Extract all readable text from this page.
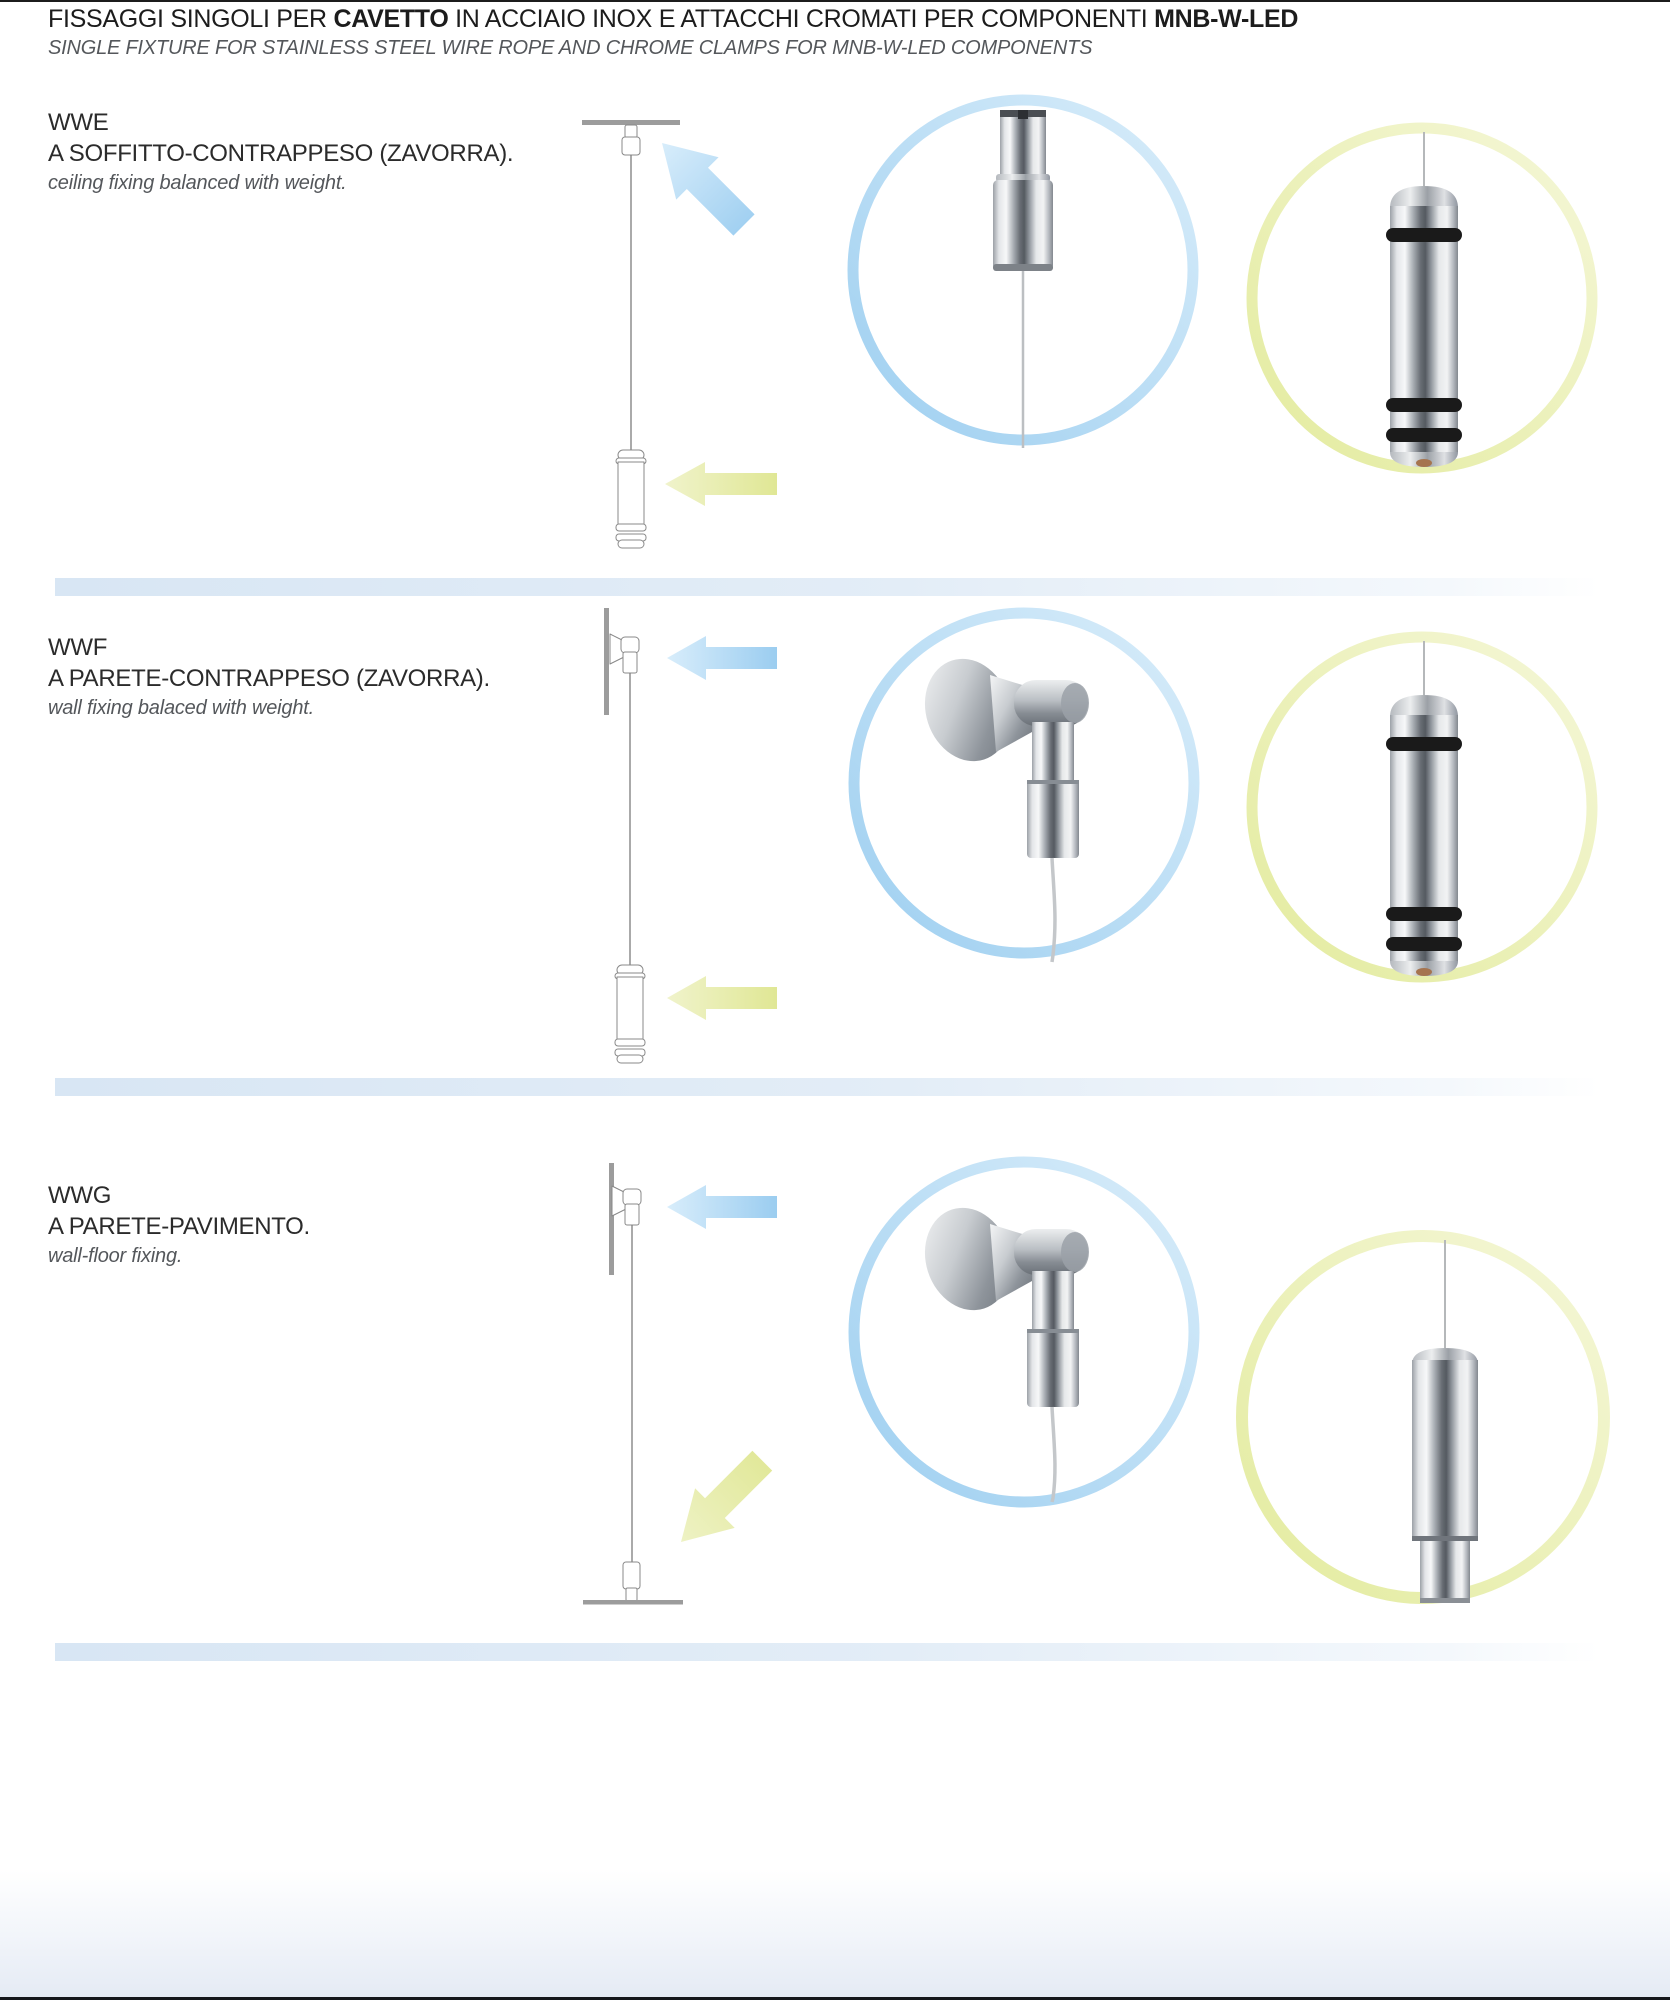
FISSAGGI SINGOLI PER CAVETTO IN ACCIAIO INOX E ATTACCHI CROMATI PER COMPONENTI MNB-W-LED
SINGLE FIXTURE FOR STAINLESS STEEL WIRE ROPE AND CHROME CLAMPS FOR MNB-W-LED COMPONENTS
WWE
A SOFFITTO-CONTRAPPESO (ZAVORRA).
ceiling fixing balanced with weight.
WWF
A PARETE-CONTRAPPESO (ZAVORRA).
wall fixing balaced with weight.
WWG
A PARETE-PAVIMENTO.
wall-floor fixing.
